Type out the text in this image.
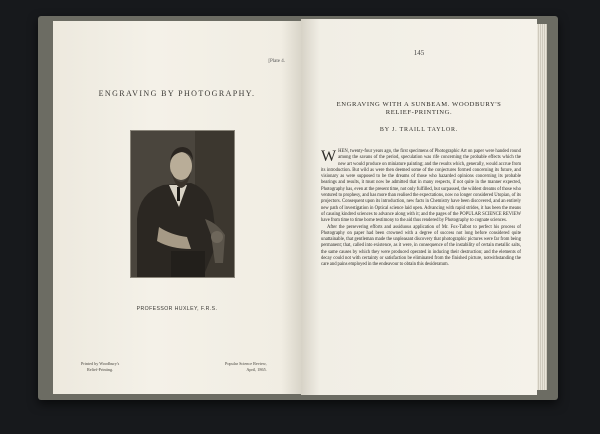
[Plate 4.
ENGRAVING BY PHOTOGRAPHY.
PROFESSOR HUXLEY, F.R.S.
Printed by Woodbury's
Relief-Printing.
Popular Science Review,
April, 1865.
145
ENGRAVING WITH A SUNBEAM. WOODBURY'S
RELIEF-PRINTING.
BY J. TRAILL TAYLOR.

WHEN, twenty-four years ago, the first specimens of Photographic Art on paper were handed round among the savans of the period, speculation was rife concerning the probable effects which the new art would produce on miniature painting; and the results which, generally, would accrue from its introduction. But wild as were then deemed some of the conjectures formed concerning its future, and visionary as were supposed to be the dreams of those who hazarded opinions concerning its probable bearings and results, it must now be admitted that in many respects, if not quite in the manner expected, Photography has, even at the present time, not only fulfilled, but surpassed, the wildest dreams of those who ventured to prophesy, and has more than realised the expectations, now no longer considered Utopian, of its projectors. Consequent upon its introduction, new facts in Chemistry have been discovered, and an entirely new path of investigation in Optical science laid open. Advancing with rapid strides, it has been the means of causing kindred sciences to advance along with it; and the pages of the POPULAR SCIENCE REVIEW have from time to time borne testimony to the aid thus rendered by Photography to cognate sciences.

After the persevering efforts and assiduous application of Mr. Fox-Talbot to perfect his process of Photography on paper had been crowned with a degree of success not long before considered quite unattainable, that gentleman made the unpleasant discovery that photographic pictures were far from being permanent; that, called into existence, as it were, in consequence of the instability of certain metallic salts, the same causes by which they were produced operated in inducing their destruction; and the elements of decay could not with certainty or satisfaction be eliminated from the finished picture, notwithstanding the care and pains employed in the endeavour to obtain this desideratum.
